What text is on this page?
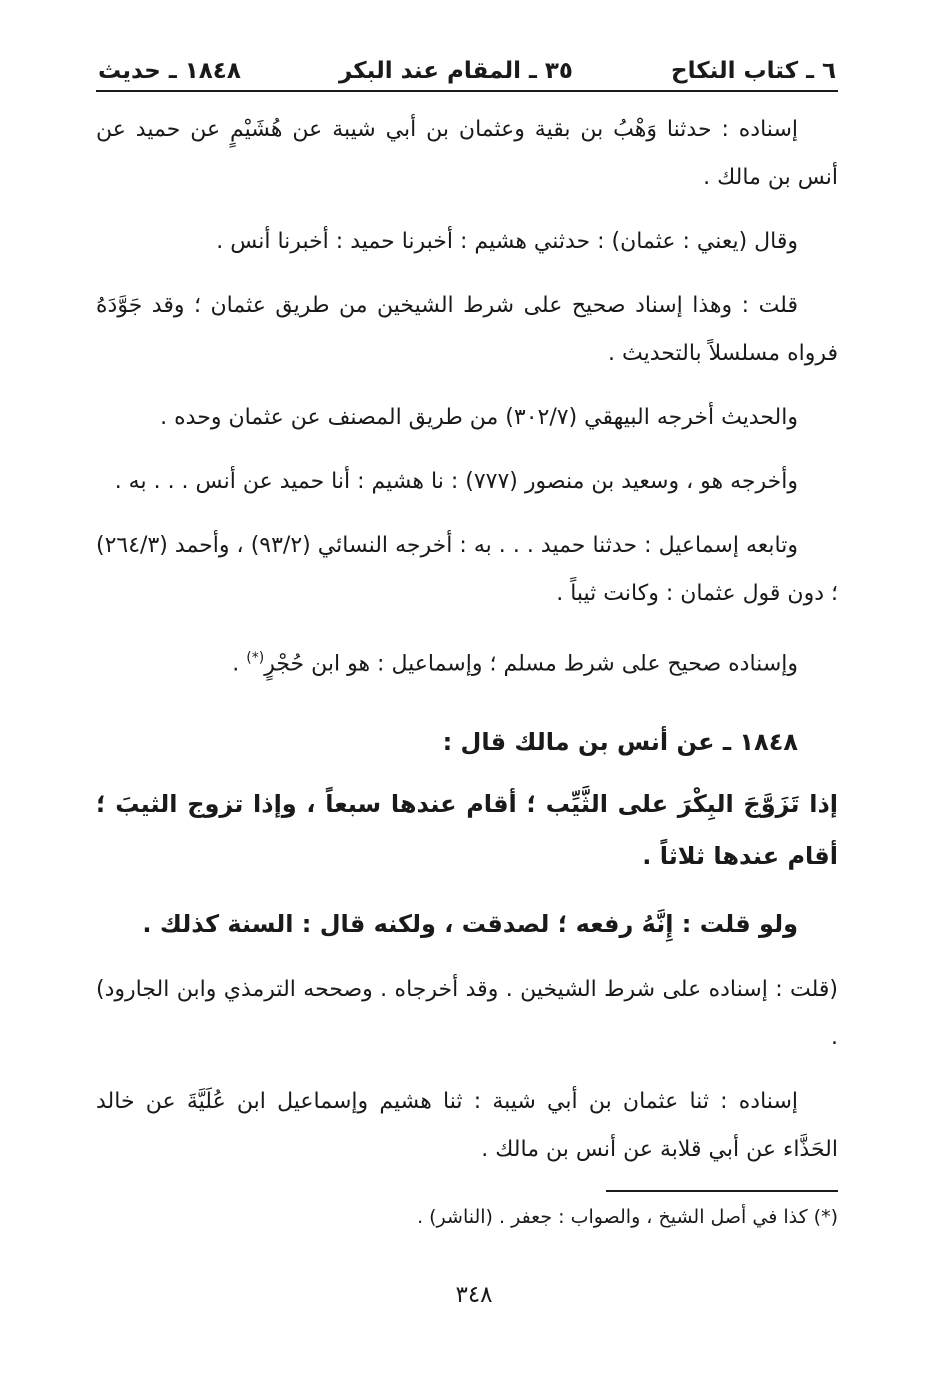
٦ ـ كتاب النكاح
٣٥ ـ المقام عند البكر
١٨٤٨ ـ حديث

إسناده : حدثنا وَهْبُ بن بقية وعثمان بن أبي شيبة عن هُشَيْمٍ عن حميد عن أنس بن مالك .

وقال (يعني : عثمان) : حدثني هشيم : أخبرنا حميد : أخبرنا أنس .

قلت : وهذا إسناد صحيح على شرط الشيخين من طريق عثمان ؛ وقد جَوَّدَهُ فرواه مسلسلاً بالتحديث .

والحديث أخرجه البيهقي (٣٠٢/٧) من طريق المصنف عن عثمان وحده .

وأخرجه هو ، وسعيد بن منصور (٧٧٧) : نا هشيم : أنا حميد عن أنس . . . به .

وتابعه إسماعيل : حدثنا حميد . . . به : أخرجه النسائي (٩٣/٢) ، وأحمد (٢٦٤/٣) ؛ دون قول عثمان : وكانت ثيباً .

وإسناده صحيح على شرط مسلم ؛ وإسماعيل : هو ابن حُجْرٍ(*) .

١٨٤٨ ـ عن أنس بن مالك قال :

إذا تَزَوَّجَ البِكْرَ على الثَّيِّب ؛ أقام عندها سبعاً ، وإذا تزوج الثيبَ ؛ أقام عندها ثلاثاً .

ولو قلت : إِنَّهُ رفعه ؛ لصدقت ، ولكنه قال : السنة كذلك .

(قلت : إسناده على شرط الشيخين . وقد أخرجاه . وصححه الترمذي وابن الجارود) .

إسناده : ثنا عثمان بن أبي شيبة : ثنا هشيم وإسماعيل ابن عُلَيَّةَ عن خالد الحَذَّاء عن أبي قلابة عن أنس بن مالك .

(*) كذا في أصل الشيخ ، والصواب : جعفر . (الناشر) .
٣٤٨
